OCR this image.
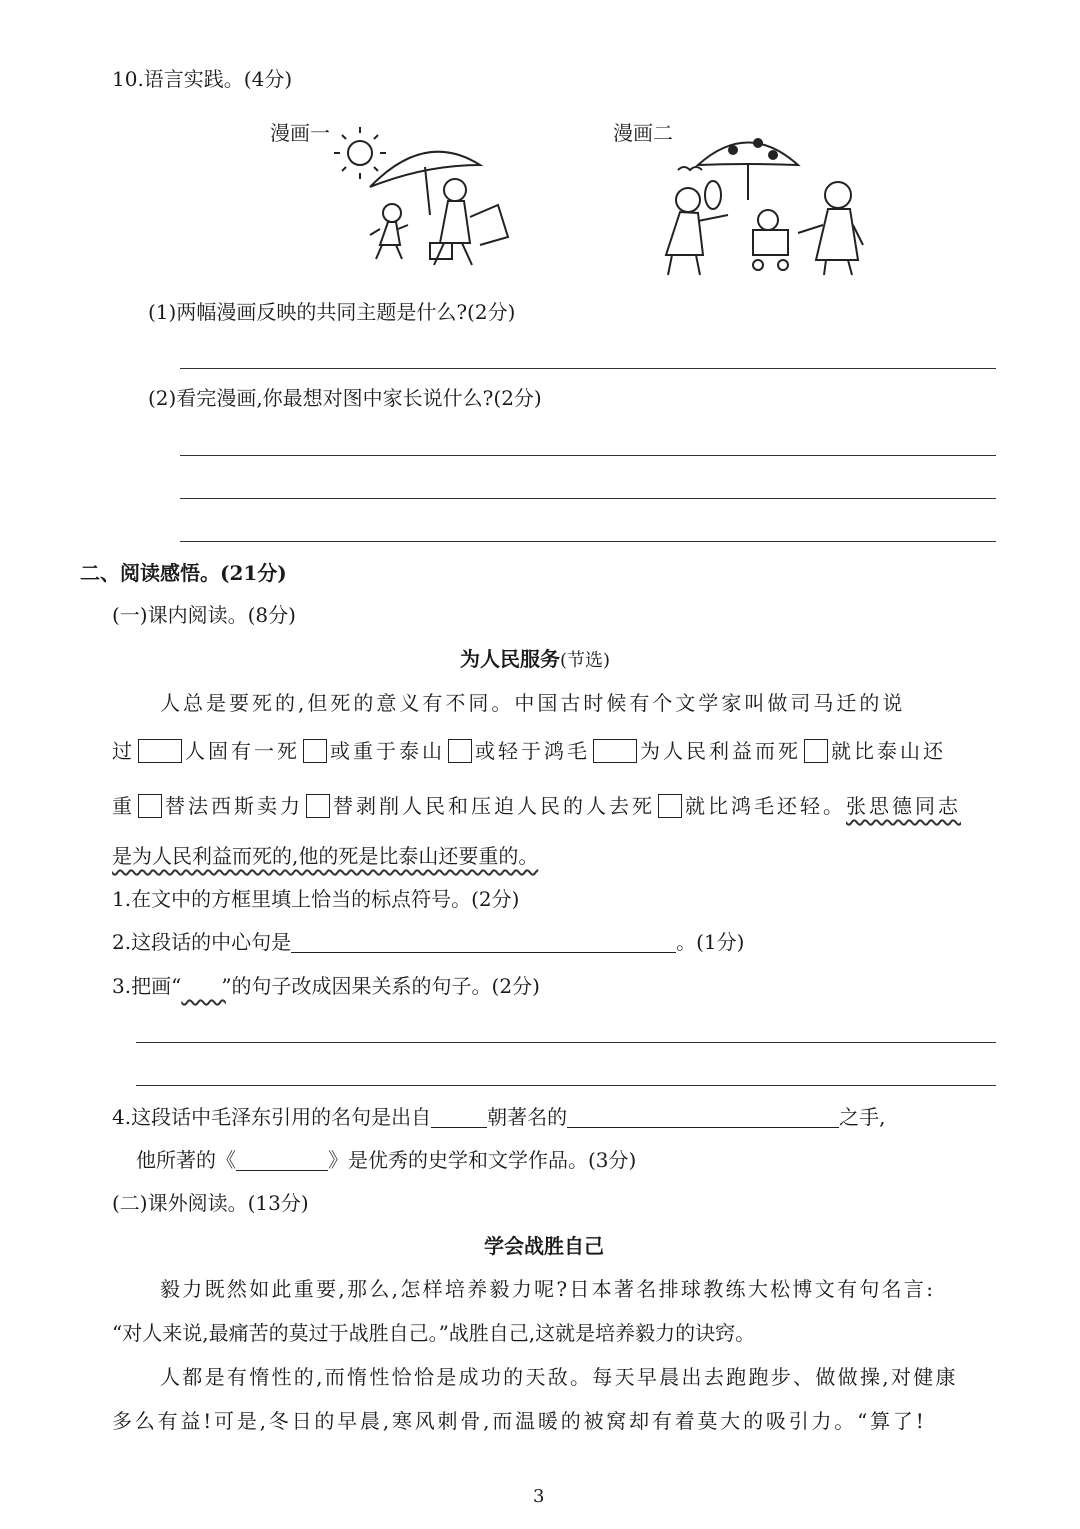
10.语言实践。(4分)
漫画一	漫画二
(1)两幅漫画反映的共同主题是什么?(2分)
(2)看完漫画,你最想对图中家长说什么?(2分)
二、阅读感悟。(21分)
(一)课内阅读。(8分)
为人民服务(节选)
人总是要死的,但死的意义有不同。中国古时候有个文学家叫做司马迁的说
过	人固有一死 或重于泰山 或轻于鸿毛	为人民利益而死 就比泰山还
重 替法西斯卖力 替剥削人民和压迫人民的人去死 就比鸿毛还轻。张思德同志
是为人民利益而死的,他的死是比泰山还要重的。
1.在文中的方框里填上恰当的标点符号。(2分)
2.这段话的中心句是	。(1分)
3.把画“ ”的句子改成因果关系的句子。(2分)
4.这段话中毛泽东引用的名句是出自	朝著名的	之手,
他所著的《	》是优秀的史学和文学作品。(3分)
(二)课外阅读。(13分)
学会战胜自己
毅力既然如此重要,那么,怎样培养毅力呢?日本著名排球教练大松博文有句名言:
“对人来说,最痛苦的莫过于战胜自己。”战胜自己,这就是培养毅力的诀窍。
人都是有惰性的,而惰性恰恰是成功的天敌。每天早晨出去跑跑步、做做操,对健康
多么有益!可是,冬日的早晨,寒风刺骨,而温暖的被窝却有着莫大的吸引力。“算了!
3
